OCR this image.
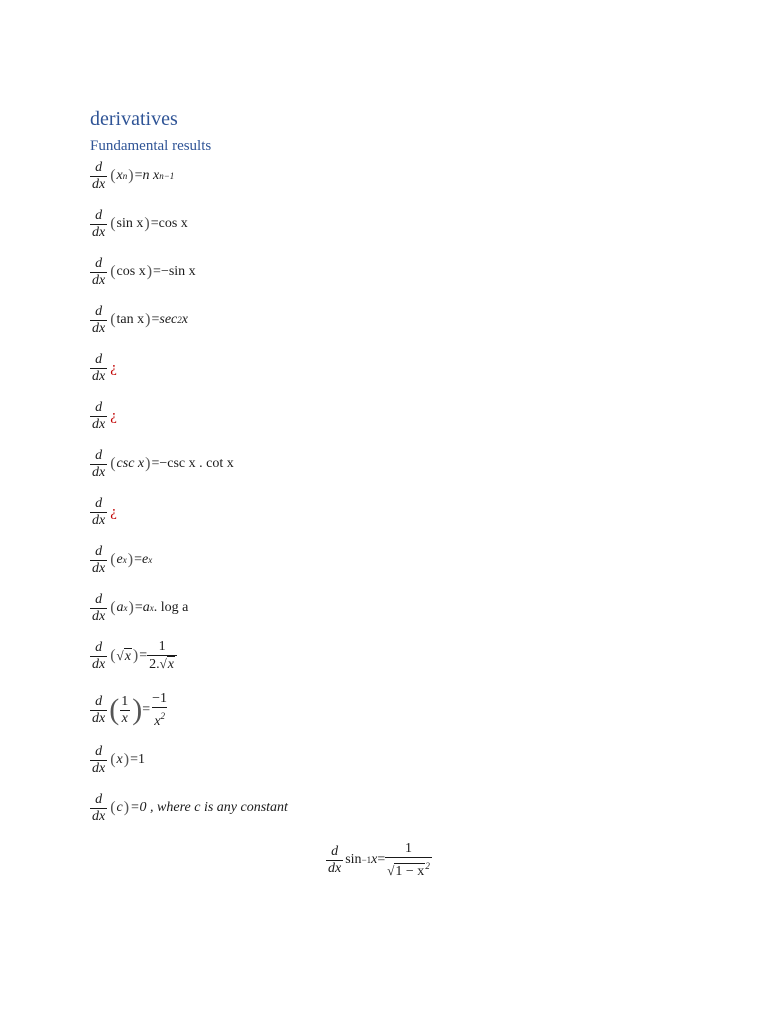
derivatives
Fundamental results
$\frac{d}{dx}$ ( x n ) = n
x n−1
$\frac{d}{dx}$ ( sin x ) =cos x
$\frac{d}{dx}$ ( cos x ) =−sin x
$\frac{d}{dx}$ ( tan x ) = sec 2 x
$\frac{d}{dx}$ ¿
$\frac{d}{dx}$ ¿
$\frac{d}{dx}$ ( csc x ) =−csc x . cot x
$\frac{d}{dx}$ ¿
$\frac{d}{dx}$ ( e x ) = e x
$\frac{d}{dx}$ ( a x ) = a x . log a
$\frac{d}{dx}$ ( √ x ) = $\frac{1}{2.√x}$
$\frac{d}{dx}$ ( $\frac{1}{x}$ ) = $\frac{-1}{x^2}$
$\frac{d}{dx}$ ( x ) =1
$\frac{d}{dx}$ ( c ) =0 , where c is any constant
$\frac{d}{dx}$ sin −1 $x = \frac{1}{√1 - x^2}$
